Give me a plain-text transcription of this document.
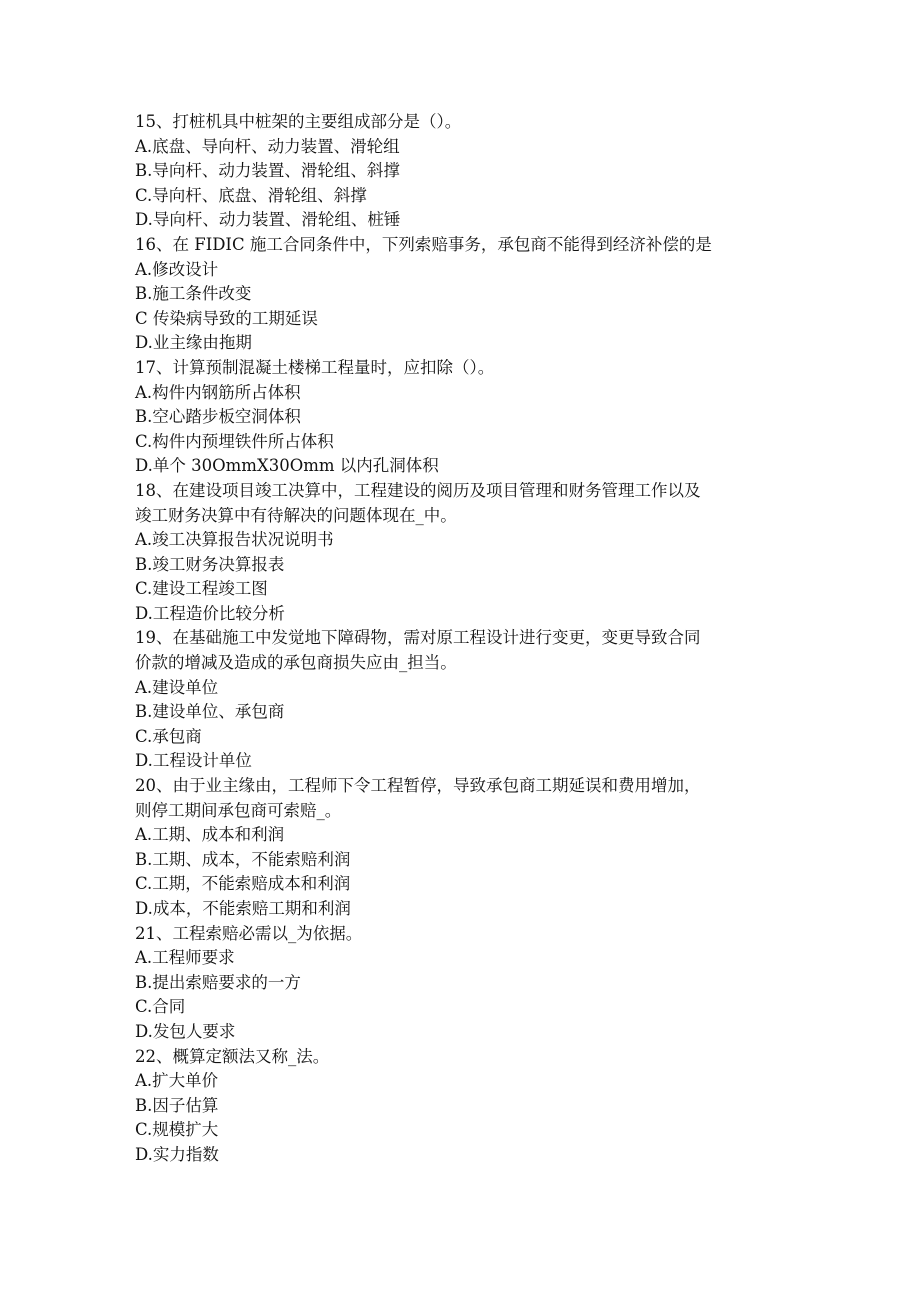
15、打桩机具中桩架的主要组成部分是（）。
A.底盘、导向杆、动力装置、滑轮组
B.导向杆、动力装置、滑轮组、斜撑
C.导向杆、底盘、滑轮组、斜撑
D.导向杆、动力装置、滑轮组、桩锤
16、在 FIDIC 施工合同条件中，下列索赔事务，承包商不能得到经济补偿的是
A.修改设计
B.施工条件改变
C 传染病导致的工期延误
D.业主缘由拖期
17、计算预制混凝土楼梯工程量时，应扣除（）。
A.构件内钢筋所占体积
B.空心踏步板空洞体积
C.构件内预埋铁件所占体积
D.单个 30OmmX30Omm 以内孔洞体积
18、在建设项目竣工决算中，工程建设的阅历及项目管理和财务管理工作以及
竣工财务决算中有待解决的问题体现在_中。
A.竣工决算报告状况说明书
B.竣工财务决算报表
C.建设工程竣工图
D.工程造价比较分析
19、在基础施工中发觉地下障碍物，需对原工程设计进行变更，变更导致合同
价款的增减及造成的承包商损失应由_担当。
A.建设单位
B.建设单位、承包商
C.承包商
D.工程设计单位
20、由于业主缘由，工程师下令工程暂停，导致承包商工期延误和费用增加，
则停工期间承包商可索赔_。
A.工期、成本和利润
B.工期、成本，不能索赔利润
C.工期，不能索赔成本和利润
D.成本，不能索赔工期和利润
21、工程索赔必需以_为依据。
A.工程师要求
B.提出索赔要求的一方
C.合同
D.发包人要求
22、概算定额法又称_法。
A.扩大单价
B.因子估算
C.规模扩大
D.实力指数
